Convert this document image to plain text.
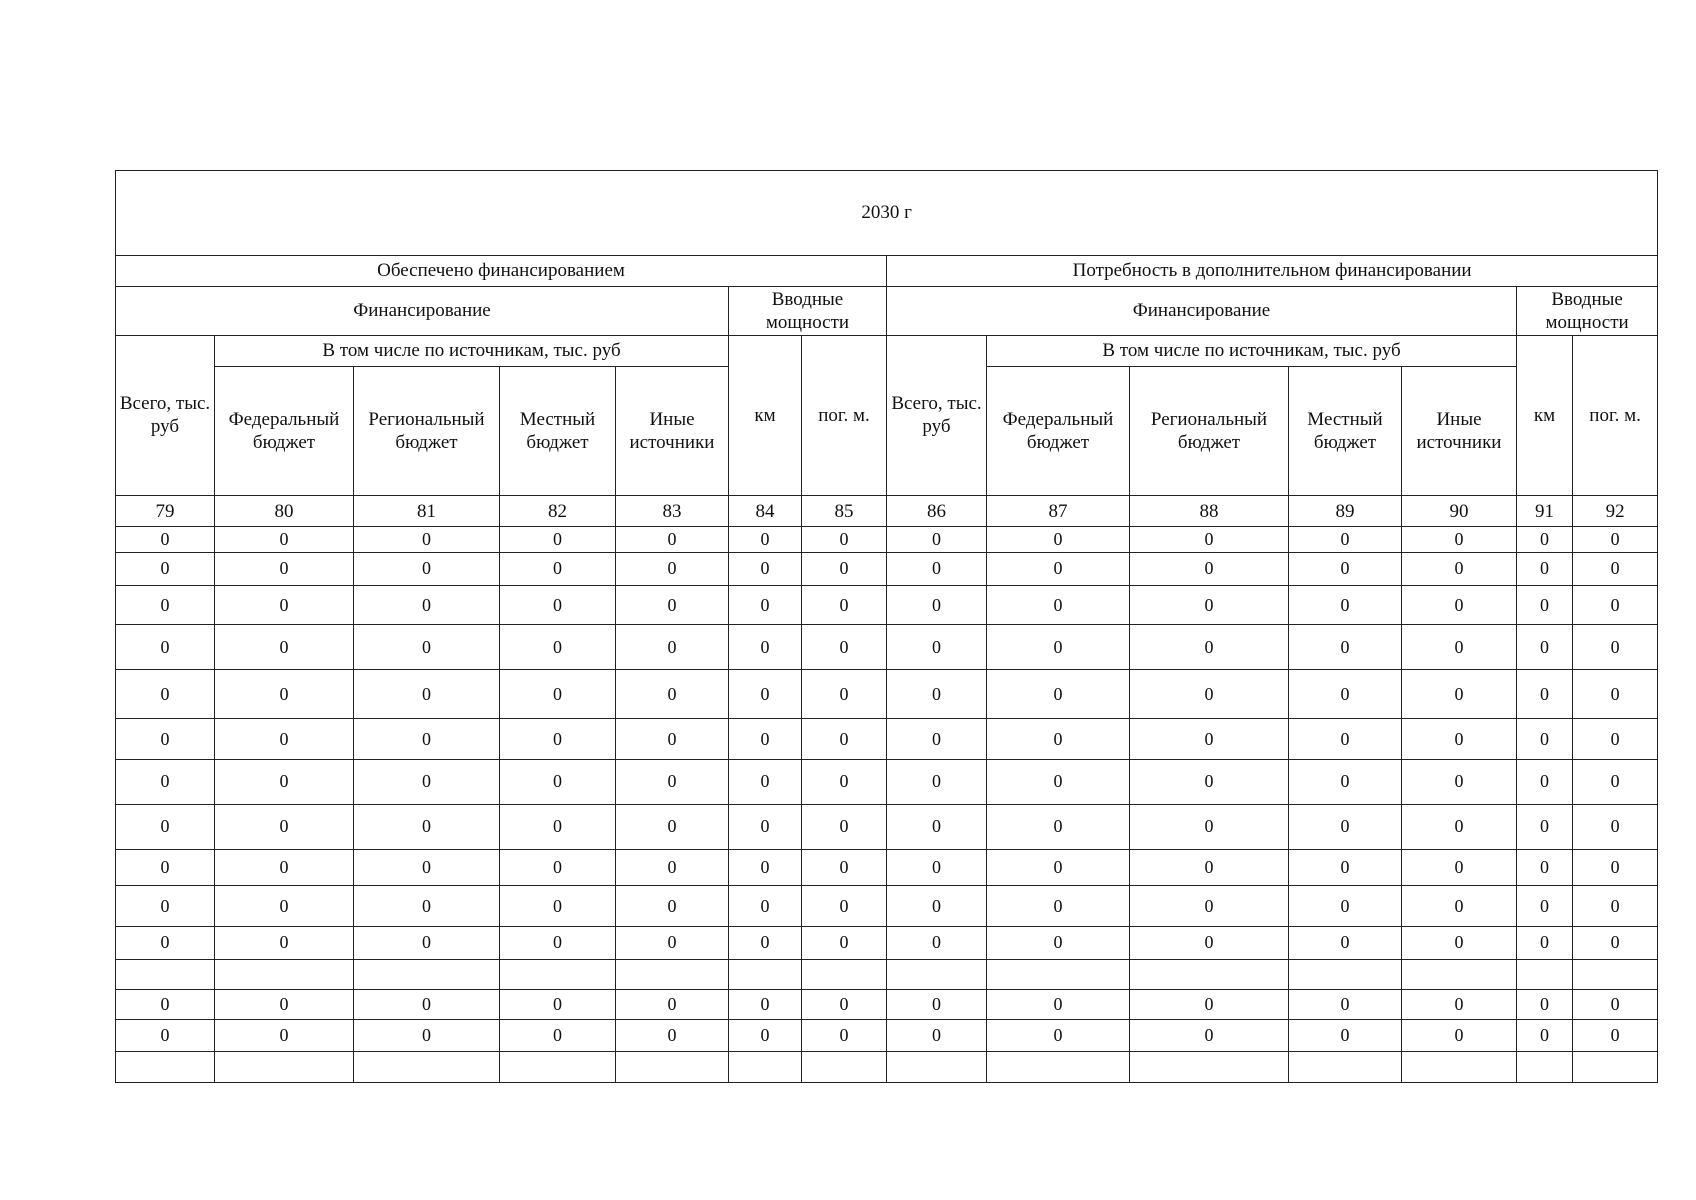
2030 г													
Обеспечено финансированием							Потребность в дополнительном финансировании						
Финансирование					Вводные мощности		Финансирование					Вводные мощности	
Всего, тыс. руб	В том числе по источникам, тыс. руб				км	пог. м.	Всего, тыс. руб	В том числе по источникам, тыс. руб				км	пог. м.
	Федеральный бюджет	Региональный бюджет	Местный бюджет	Иные источники				Федеральный бюджет	Региональный бюджет	Местный бюджет	Иные источники		
79	80	81	82	83	84	85	86	87	88	89	90	91	92
0	0	0	0	0	0	0	0	0	0	0	0	0	0
0	0	0	0	0	0	0	0	0	0	0	0	0	0
0	0	0	0	0	0	0	0	0	0	0	0	0	0
0	0	0	0	0	0	0	0	0	0	0	0	0	0
0	0	0	0	0	0	0	0	0	0	0	0	0	0
0	0	0	0	0	0	0	0	0	0	0	0	0	0
0	0	0	0	0	0	0	0	0	0	0	0	0	0
0	0	0	0	0	0	0	0	0	0	0	0	0	0
0	0	0	0	0	0	0	0	0	0	0	0	0	0
0	0	0	0	0	0	0	0	0	0	0	0	0	0
0	0	0	0	0	0	0	0	0	0	0	0	0	0

0	0	0	0	0	0	0	0	0	0	0	0	0	0
0	0	0	0	0	0	0	0	0	0	0	0	0	0
